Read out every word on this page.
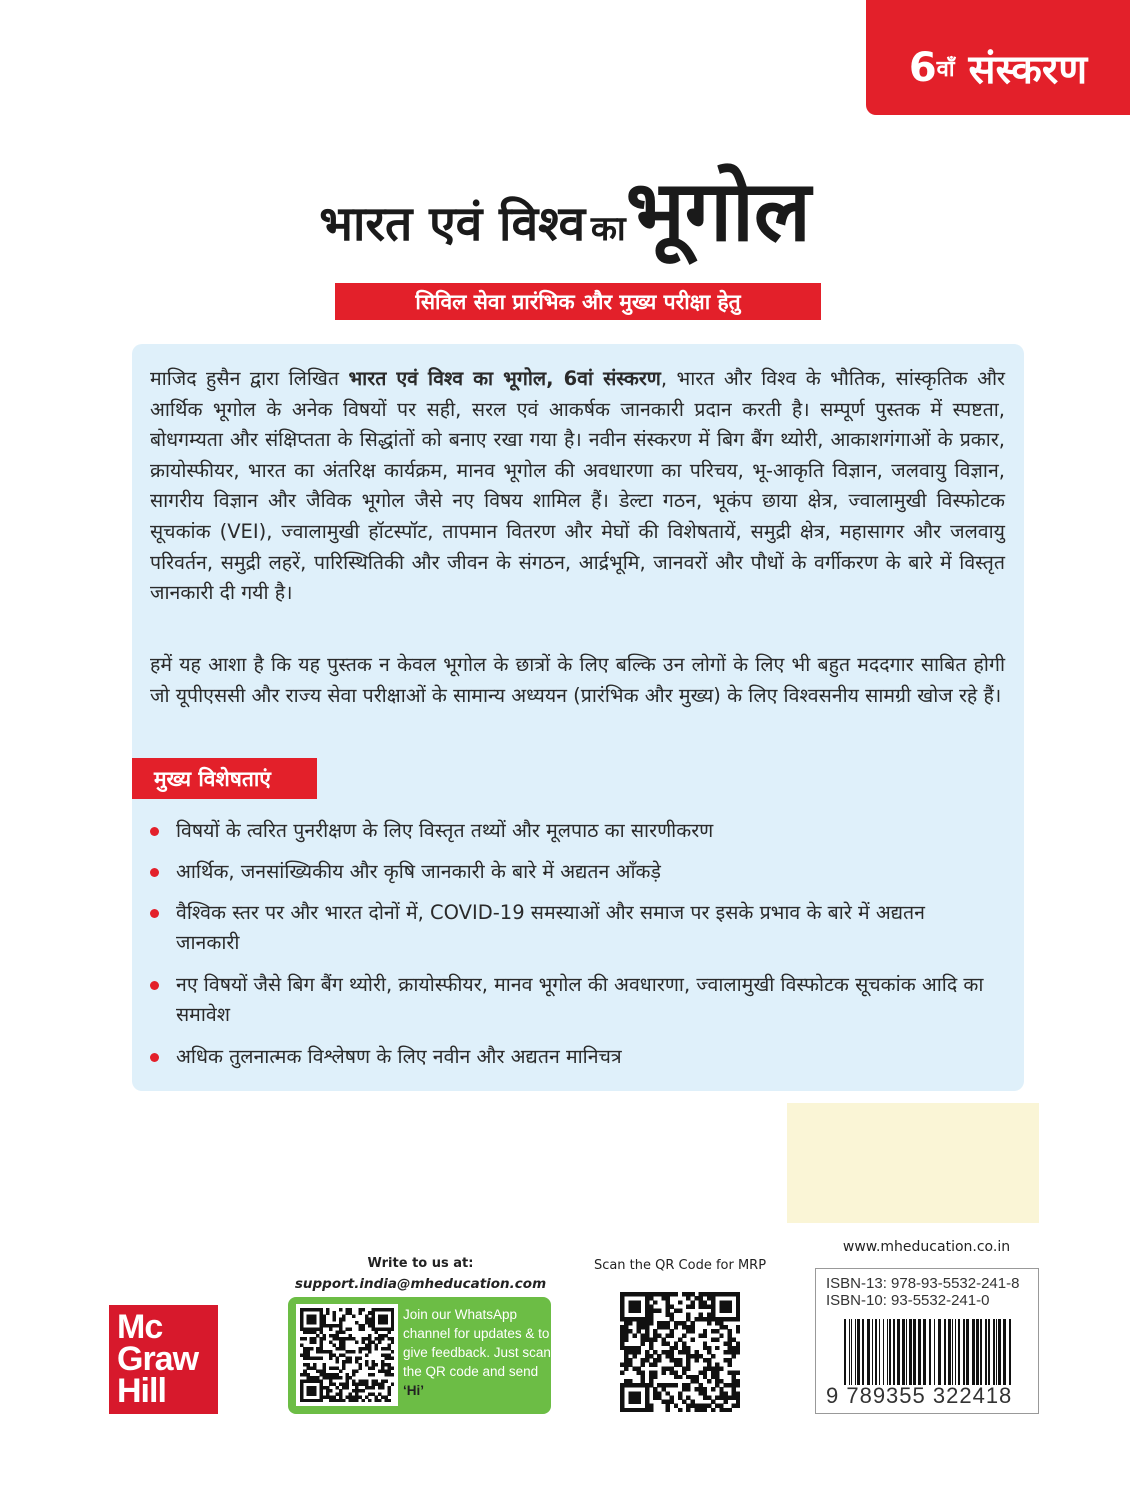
6 वाँ
संस्करण
भारत एवं विश्व काभूगोल
सिविल सेवा प्रारंभिक और मुख्य परीक्षा हेतु

माजिद हुसैन द्वारा लिखित भारत एवं विश्व का भूगोल, 6वां संस्करण, भारत और विश्व के भौतिक, सांस्कृतिक और आर्थिक भूगोल के अनेक विषयों पर सही, सरल एवं आकर्षक जानकारी प्रदान करती है। सम्पूर्ण पुस्तक में स्पष्टता, बोधगम्यता और संक्षिप्तता के सिद्धांतों को बनाए रखा गया है। नवीन संस्करण में बिग बैंग थ्योरी, आकाशगंगाओं के प्रकार, क्रायोस्फीयर, भारत का अंतरिक्ष कार्यक्रम, मानव भूगोल की अवधारणा का परिचय, भू-आकृति विज्ञान, जलवायु विज्ञान, सागरीय विज्ञान और जैविक भूगोल जैसे नए विषय शामिल हैं। डेल्टा गठन, भूकंप छाया क्षेत्र, ज्वालामुखी विस्फोटक सूचकांक (VEI), ज्वालामुखी हॉटस्पॉट, तापमान वितरण और मेघों की विशेषतायें, समुद्री क्षेत्र, महासागर और जलवायु परिवर्तन, समुद्री लहरें, पारिस्थितिकी और जीवन के संगठन, आर्द्रभूमि, जानवरों और पौधों के वर्गीकरण के बारे में विस्तृत जानकारी दी गयी है।

हमें यह आशा है कि यह पुस्तक न केवल भूगोल के छात्रों के लिए बल्कि उन लोगों के लिए भी बहुत मददगार साबित होगी जो यूपीएससी और राज्य सेवा परीक्षाओं के सामान्य अध्ययन (प्रारंभिक और मुख्य) के लिए विश्वसनीय सामग्री खोज रहे हैं।

मुख्य विशेषताएं
विषयों के त्वरित पुनरीक्षण के लिए विस्तृत तथ्यों और मूलपाठ का सारणीकरण
आर्थिक, जनसांख्यिकीय और कृषि जानकारी के बारे में अद्यतन आँकड़े
वैश्विक स्तर पर और भारत दोनों में, COVID-19 समस्याओं और समाज पर इसके प्रभाव के बारे में अद्यतन जानकारी
नए विषयों जैसे बिग बैंग थ्योरी, क्रायोस्फीयर, मानव भूगोल की अवधारणा, ज्वालामुखी विस्फोटक सूचकांक आदि का समावेश
अधिक तुलनात्मक विश्लेषण के लिए नवीन और अद्यतन मानिचत्र
Mc
Graw
Hill
Write to us at:
support.india@mheducation.com
Join our WhatsApp channel for updates & to give feedback. Just scan the QR code and send ‘Hi’
Scan the QR Code for MRP
www.mheducation.co.in
ISBN-13: 978-93-5532-241-8
ISBN-10: 93-5532-241-0
9 789355 322418
